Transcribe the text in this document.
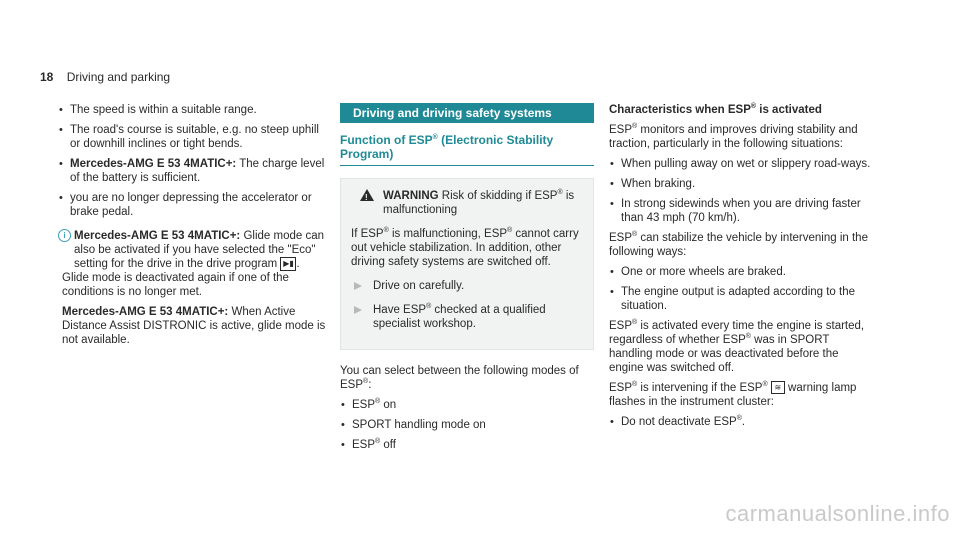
18 Driving and parking
• The speed is within a suitable range.
• The road's course is suitable, e.g. no steep uphill or downhill inclines or tight bends.
• Mercedes-AMG E 53 4MATIC+: The charge level of the battery is sufficient.
• you are no longer depressing the accelerator or brake pedal.
i Mercedes-AMG E 53 4MATIC+: Glide mode can also be activated if you have selected the "Eco" setting for the drive in the drive program ▶▮ .

Glide mode is deactivated again if one of the conditions is no longer met.

Mercedes-AMG E 53 4MATIC+: When Active Distance Assist DISTRONIC is active, glide mode is not available.

Driving and driving safety systems
Function of ESP® (Electronic Stability Program)

! WARNING Risk of skidding if ESP® is malfunctioning

If ESP® is malfunctioning, ESP® cannot carry out vehicle stabilization. In addition, other driving safety systems are switched off.

Drive on carefully.
Have ESP® checked at a qualified specialist workshop.

You can select between the following modes of ESP®:

• ESP® on
• SPORT handling mode on
• ESP® off
Characteristics when ESP® is activated

ESP® monitors and improves driving stability and traction, particularly in the following situations:

• When pulling away on wet or slippery road-ways.
• When braking.
• In strong sidewinds when you are driving faster than 43 mph (70 km/h).

ESP® can stabilize the vehicle by intervening in the following ways:

• One or more wheels are braked.
• The engine output is adapted according to the situation.

ESP® is activated every time the engine is started, regardless of whether ESP® was in SPORT handling mode or was deactivated before the engine was switched off.

ESP® is intervening if the ESP® ≋ warning lamp flashes in the instrument cluster:

• Do not deactivate ESP®.
carmanualsonline.info
